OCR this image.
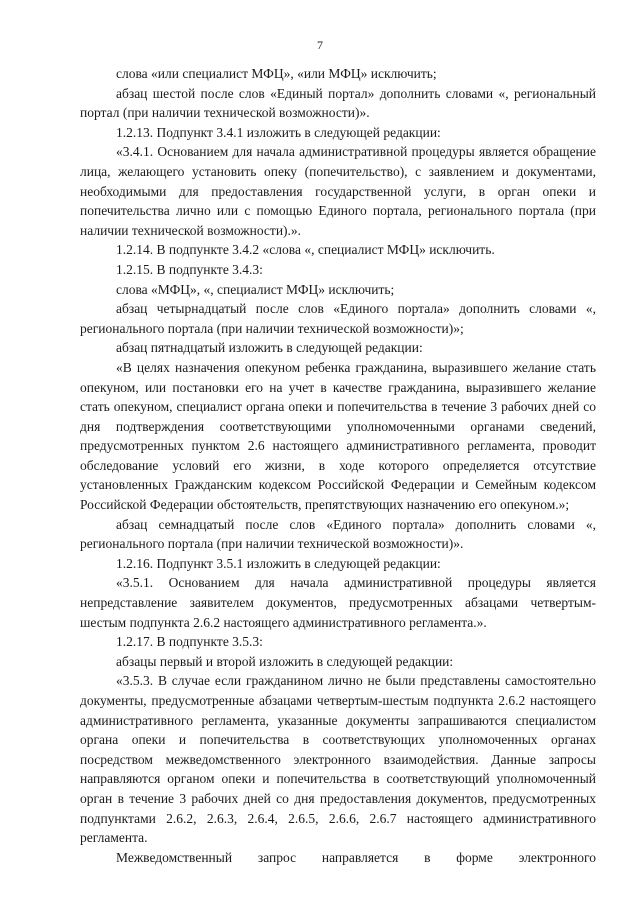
7

слова «или специалист МФЦ», «или МФЦ» исключить;

абзац шестой после слов «Единый портал» дополнить словами «, региональный портал (при наличии технической возможности)».

1.2.13. Подпункт 3.4.1 изложить в следующей редакции:

«3.4.1. Основанием для начала административной процедуры является обращение лица, желающего установить опеку (попечительство), с заявлением и документами, необходимыми для предоставления государственной услуги, в орган опеки и попечительства лично или с помощью Единого портала, регионального портала (при наличии технической возможности).».

1.2.14. В подпункте 3.4.2 «слова «, специалист МФЦ» исключить.

1.2.15. В подпункте 3.4.3:

слова «МФЦ», «, специалист МФЦ» исключить;

абзац четырнадцатый после слов «Единого портала» дополнить словами «, регионального портала (при наличии технической возможности)»;

абзац пятнадцатый изложить в следующей редакции:

«В целях назначения опекуном ребенка гражданина, выразившего желание стать опекуном, или постановки его на учет в качестве гражданина, выразившего желание стать опекуном, специалист органа опеки и попечительства в течение 3 рабочих дней со дня подтверждения соответствующими уполномоченными органами сведений, предусмотренных пунктом 2.6 настоящего административного регламента, проводит обследование условий его жизни, в ходе которого определяется отсутствие установленных Гражданским кодексом Российской Федерации и Семейным кодексом Российской Федерации обстоятельств, препятствующих назначению его опекуном.»;

абзац семнадцатый после слов «Единого портала» дополнить словами «, регионального портала (при наличии технической возможности)».

1.2.16. Подпункт 3.5.1 изложить в следующей редакции:

«3.5.1. Основанием для начала административной процедуры является непредставление заявителем документов, предусмотренных абзацами четвертым-шестым подпункта 2.6.2 настоящего административного регламента.».

1.2.17. В подпункте 3.5.3:

абзацы первый и второй изложить в следующей редакции:

«3.5.3. В случае если гражданином лично не были представлены самостоятельно документы, предусмотренные абзацами четвертым-шестым подпункта 2.6.2 настоящего административного регламента, указанные документы запрашиваются специалистом органа опеки и попечительства в соответствующих уполномоченных органах посредством межведомственного электронного взаимодействия. Данные запросы направляются органом опеки и попечительства в соответствующий уполномоченный орган в течение 3 рабочих дней со дня предоставления документов, предусмотренных подпунктами 2.6.2, 2.6.3, 2.6.4, 2.6.5, 2.6.6, 2.6.7 настоящего административного регламента.

Межведомственный запрос направляется в форме электронного
